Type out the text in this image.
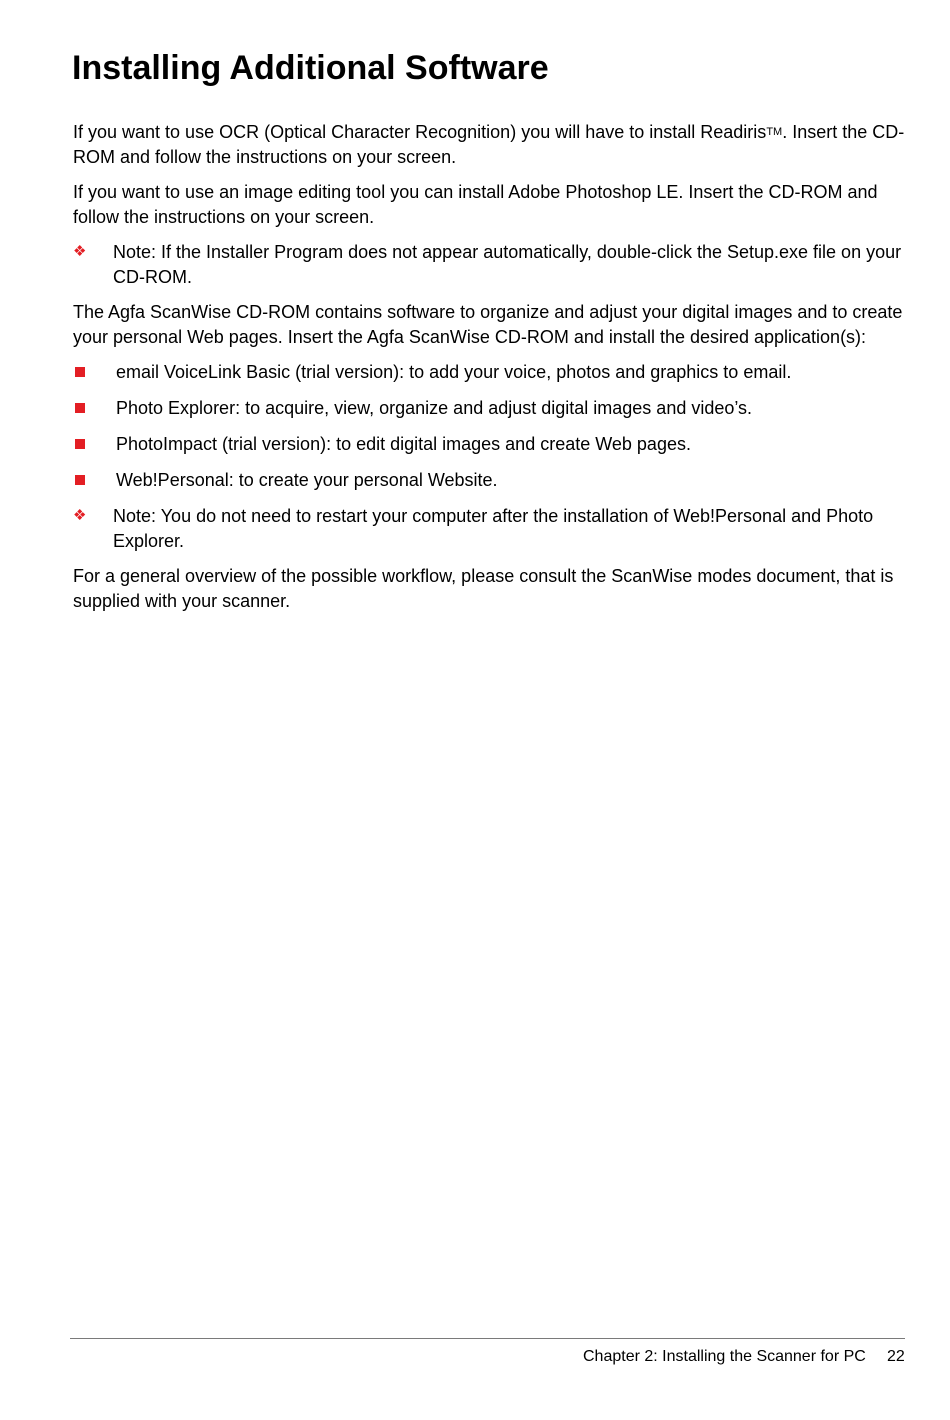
Installing Additional Software

If you want to use OCR (Optical Character Recognition) you will have to install ReadirisTM. Insert the CD-ROM and follow the instructions on your screen.

If you want to use an image editing tool you can install Adobe Photoshop LE. Insert the CD-ROM and follow the instructions on your screen.

❖ Note: If the Installer Program does not appear automatically, double-click the Setup.exe file on your CD-ROM.

The Agfa ScanWise CD-ROM contains software to organize and adjust your digital images and to create your personal Web pages. Insert the Agfa ScanWise CD-ROM and install the desired application(s):

email VoiceLink Basic (trial version): to add your voice, photos and graphics to email.
Photo Explorer: to acquire, view, organize and adjust digital images and video’s.
PhotoImpact (trial version): to edit digital images and create Web pages.
Web!Personal: to create your personal Website.
❖ Note: You do not need to restart your computer after the installation of Web!Personal and Photo Explorer.

For a general overview of the possible workflow, please consult the ScanWise modes document, that is supplied with your scanner.

Chapter 2: Installing the Scanner for PC 22
